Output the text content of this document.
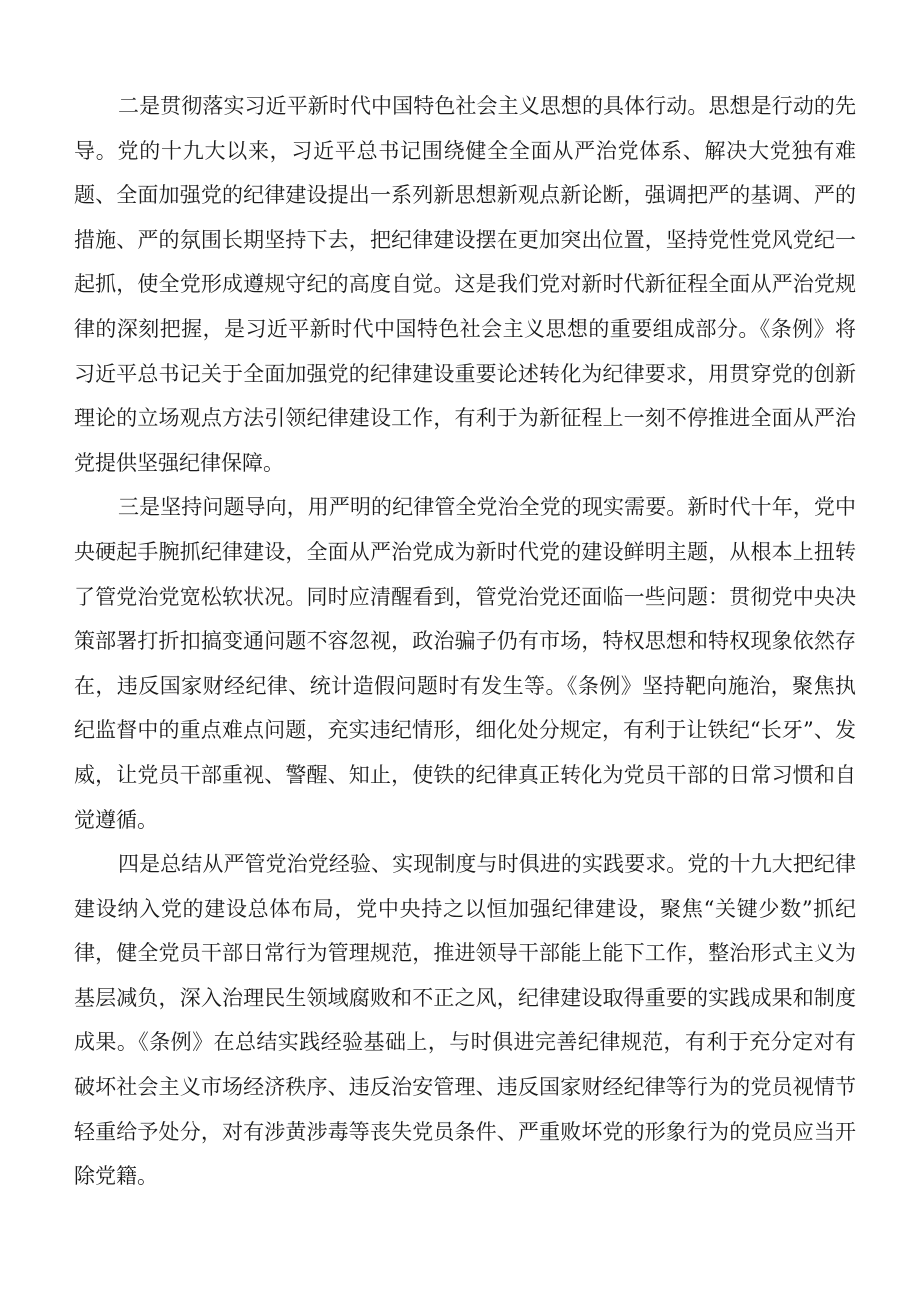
二是贯彻落实习近平新时代中国特色社会主义思想的具体行动。思想是行动的先导。党的十九大以来，习近平总书记围绕健全全面从严治党体系、解决大党独有难题、全面加强党的纪律建设提出一系列新思想新观点新论断，强调把严的基调、严的措施、严的氛围长期坚持下去，把纪律建设摆在更加突出位置，坚持党性党风党纪一起抓，使全党形成遵规守纪的高度自觉。这是我们党对新时代新征程全面从严治党规律的深刻把握，是习近平新时代中国特色社会主义思想的重要组成部分。《条例》将习近平总书记关于全面加强党的纪律建设重要论述转化为纪律要求，用贯穿党的创新理论的立场观点方法引领纪律建设工作，有利于为新征程上一刻不停推进全面从严治党提供坚强纪律保障。

三是坚持问题导向，用严明的纪律管全党治全党的现实需要。新时代十年，党中央硬起手腕抓纪律建设，全面从严治党成为新时代党的建设鲜明主题，从根本上扭转了管党治党宽松软状况。同时应清醒看到，管党治党还面临一些问题：贯彻党中央决策部署打折扣搞变通问题不容忽视，政治骗子仍有市场，特权思想和特权现象依然存在，违反国家财经纪律、统计造假问题时有发生等。《条例》坚持靶向施治，聚焦执纪监督中的重点难点问题，充实违纪情形，细化处分规定，有利于让铁纪“长牙”、发威，让党员干部重视、警醒、知止，使铁的纪律真正转化为党员干部的日常习惯和自觉遵循。

四是总结从严管党治党经验、实现制度与时俱进的实践要求。党的十九大把纪律建设纳入党的建设总体布局，党中央持之以恒加强纪律建设，聚焦“关键少数”抓纪律，健全党员干部日常行为管理规范，推进领导干部能上能下工作，整治形式主义为基层减负，深入治理民生领域腐败和不正之风，纪律建设取得重要的实践成果和制度成果。《条例》在总结实践经验基础上，与时俱进完善纪律规范，有利于充分定对有破坏社会主义市场经济秩序、违反治安管理、违反国家财经纪律等行为的党员视情节轻重给予处分，对有涉黄涉毒等丧失党员条件、严重败坏党的形象行为的党员应当开除党籍。
